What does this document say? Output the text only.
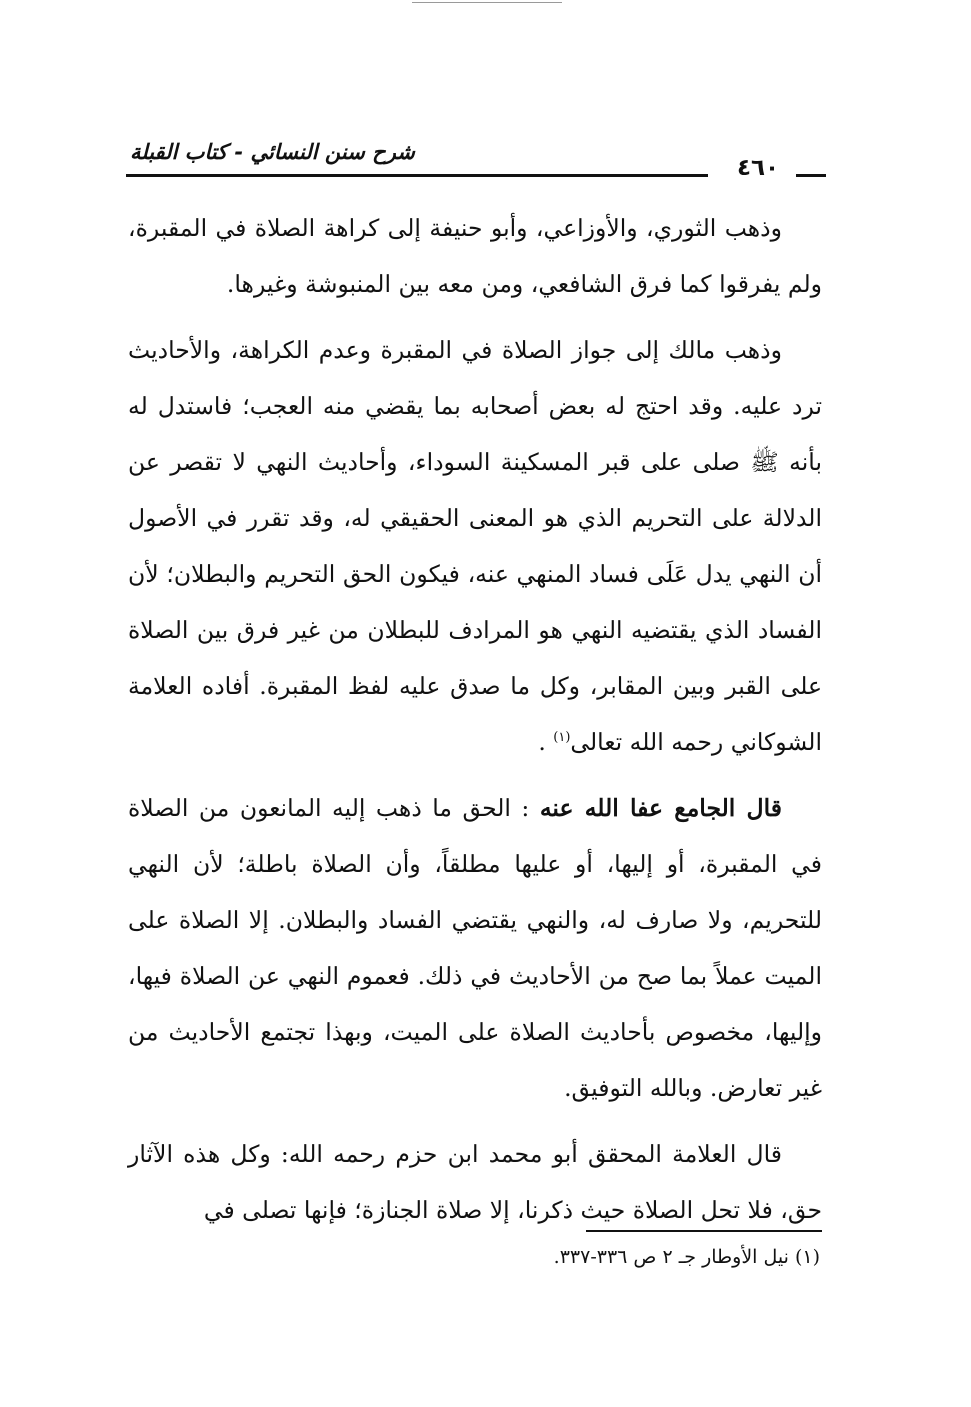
شرح سنن النسائي - كتاب القبلة
٤٦٠

وذهب الثوري، والأوزاعي، وأبو حنيفة إلى كراهة الصلاة في المقبرة، ولم يفرقوا كما فرق الشافعي، ومن معه بين المنبوشة وغيرها.

وذهب مالك إلى جواز الصلاة في المقبرة وعدم الكراهة، والأحاديث ترد عليه. وقد احتج له بعض أصحابه بما يقضي منه العجب؛ فاستدل له بأنه ﷺ صلى على قبر المسكينة السوداء، وأحاديث النهي لا تقصر عن الدلالة على التحريم الذي هو المعنى الحقيقي له، وقد تقرر في الأصول أن النهي يدل عَلَى فساد المنهي عنه، فيكون الحق التحريم والبطلان؛ لأن الفساد الذي يقتضيه النهي هو المرادف للبطلان من غير فرق بين الصلاة على القبر وبين المقابر، وكل ما صدق عليه لفظ المقبرة. أفاده العلامة الشوكاني رحمه الله تعالى$^{(١)}$ .

قال الجامع عفا الله عنه : الحق ما ذهب إليه المانعون من الصلاة في المقبرة، أو إليها، أو عليها مطلقاً، وأن الصلاة باطلة؛ لأن النهي للتحريم، ولا صارف له، والنهي يقتضي الفساد والبطلان. إلا الصلاة على الميت عملاً بما صح من الأحاديث في ذلك. فعموم النهي عن الصلاة فيها، وإليها، مخصوص بأحاديث الصلاة على الميت، وبهذا تجتمع الأحاديث من غير تعارض. وبالله التوفيق.

قال العلامة المحقق أبو محمد ابن حزم رحمه الله: وكل هذه الآثار حق، فلا تحل الصلاة حيث ذكرنا، إلا صلاة الجنازة؛ فإنها تصلى في

(١) نيل الأوطار جـ ٢ ص ٣٣٦-٣٣٧.
